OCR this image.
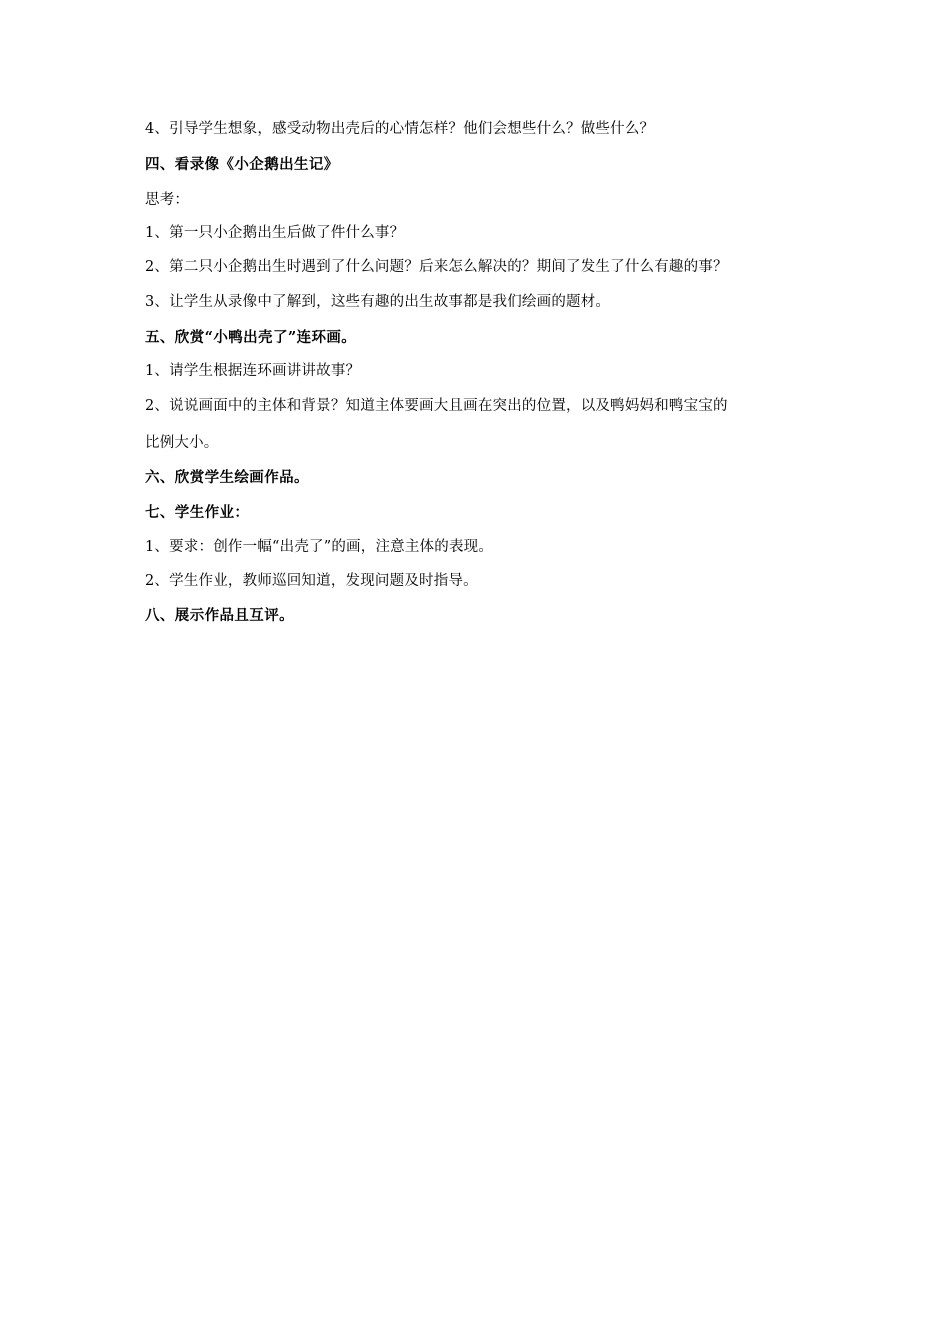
4、引导学生想象，感受动物出壳后的心情怎样？他们会想些什么？做些什么？
四、看录像《小企鹅出生记》
思考：
1、第一只小企鹅出生后做了件什么事？
2、第二只小企鹅出生时遇到了什么问题？后来怎么解决的？期间了发生了什么有趣的事？
3、让学生从录像中了解到，这些有趣的出生故事都是我们绘画的题材。
五、欣赏“小鸭出壳了”连环画。
1、请学生根据连环画讲讲故事？
2、说说画面中的主体和背景？知道主体要画大且画在突出的位置，以及鸭妈妈和鸭宝宝的
比例大小。
六、欣赏学生绘画作品。
七、学生作业：
1、要求：创作一幅“出壳了”的画，注意主体的表现。
2、学生作业，教师巡回知道，发现问题及时指导。
八、展示作品且互评。
